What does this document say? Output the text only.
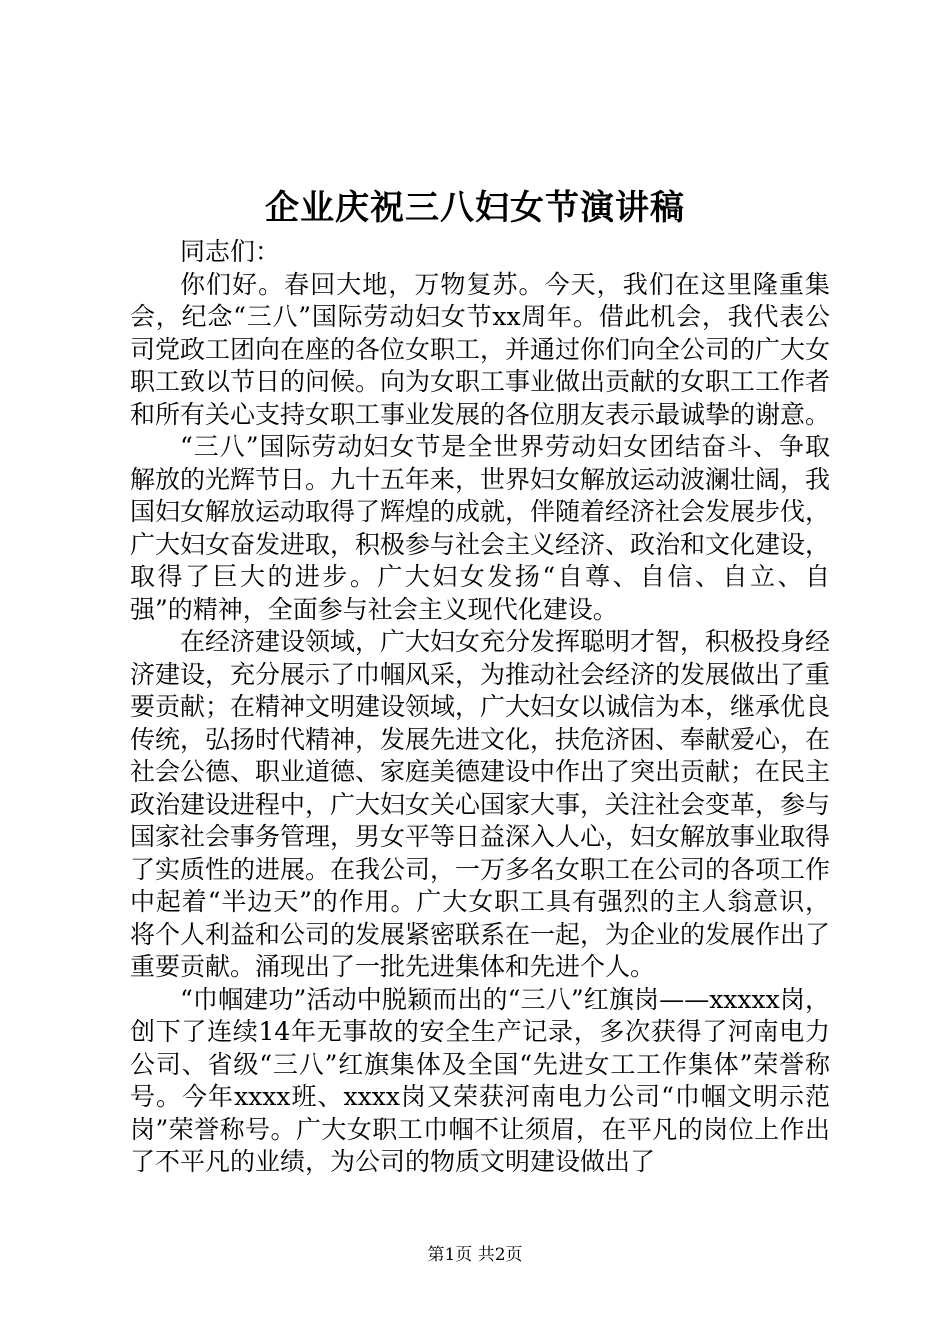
企业庆祝三八妇女节演讲稿

同志们：

你们好。春回大地，万物复苏。今天，我们在这里隆重集会，纪念“三八”国际劳动妇女节xx周年。借此机会，我代表公司党政工团向在座的各位女职工，并通过你们向全公司的广大女职工致以节日的问候。向为女职工事业做出贡献的女职工工作者和所有关心支持女职工事业发展的各位朋友表示最诚挚的谢意。

“三八”国际劳动妇女节是全世界劳动妇女团结奋斗、争取解放的光辉节日。九十五年来，世界妇女解放运动波澜壮阔，我国妇女解放运动取得了辉煌的成就，伴随着经济社会发展步伐，广大妇女奋发进取，积极参与社会主义经济、政治和文化建设，取得了巨大的进步。广大妇女发扬“自尊、自信、自立、自强”的精神，全面参与社会主义现代化建设。

在经济建设领域，广大妇女充分发挥聪明才智，积极投身经济建设，充分展示了巾帼风采，为推动社会经济的发展做出了重要贡献；在精神文明建设领域，广大妇女以诚信为本，继承优良传统，弘扬时代精神，发展先进文化，扶危济困、奉献爱心，在社会公德、职业道德、家庭美德建设中作出了突出贡献；在民主政治建设进程中，广大妇女关心国家大事，关注社会变革，参与国家社会事务管理，男女平等日益深入人心，妇女解放事业取得了实质性的进展。在我公司，一万多名女职工在公司的各项工作中起着“半边天”的作用。广大女职工具有强烈的主人翁意识，将个人利益和公司的发展紧密联系在一起，为企业的发展作出了重要贡献。涌现出了一批先进集体和先进个人。

“巾帼建功”活动中脱颖而出的“三八”红旗岗——xxxxx岗，创下了连续14年无事故的安全生产记录，多次获得了河南电力公司、省级“三八”红旗集体及全国“先进女工工作集体”荣誉称号。今年xxxx班、xxxx岗又荣获河南电力公司“巾帼文明示范岗”荣誉称号。广大女职工巾帼不让须眉，在平凡的岗位上作出了不平凡的业绩，为公司的物质文明建设做出了

第1页 共2页
